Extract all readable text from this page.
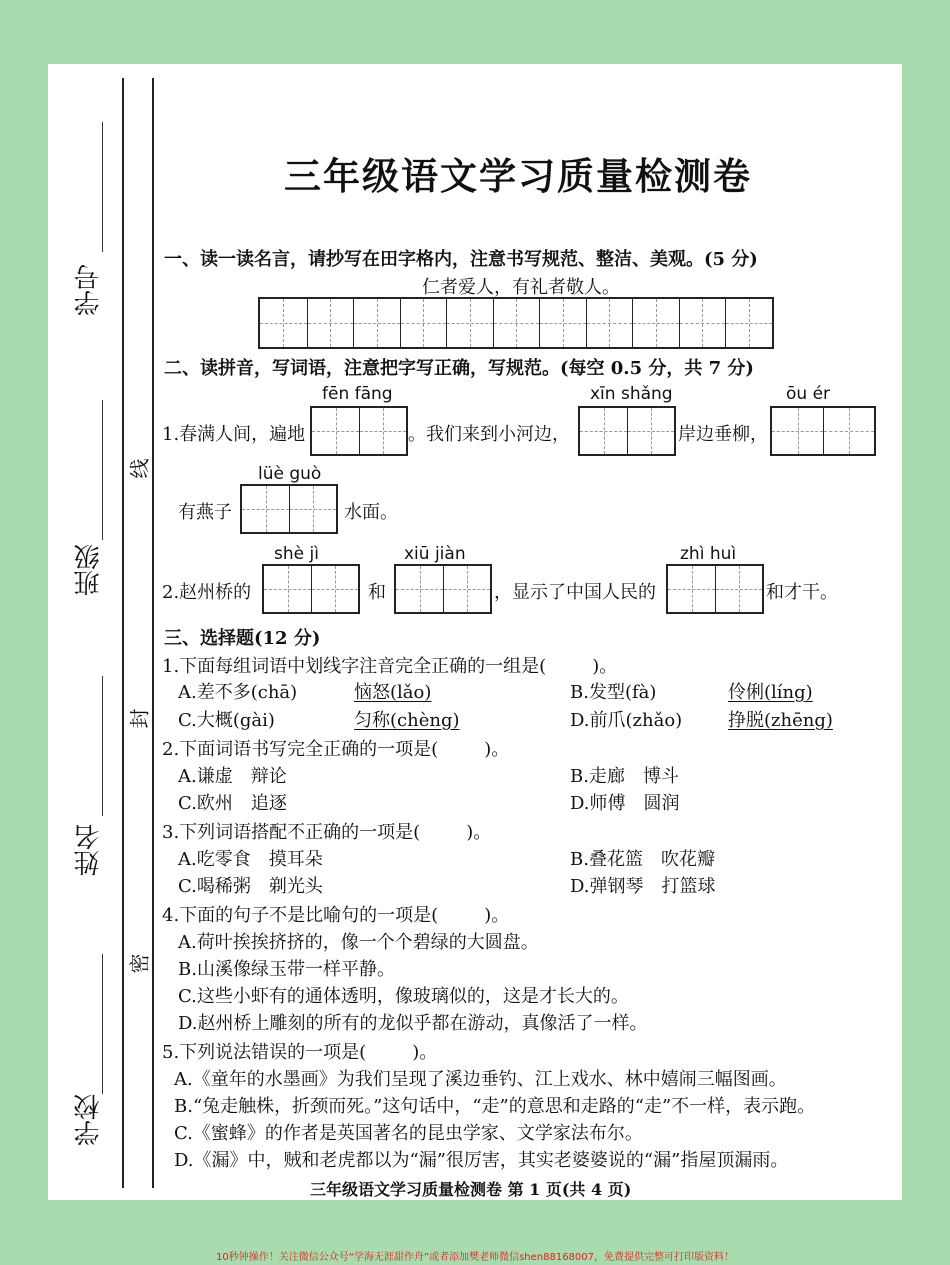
学号
班级
姓名
学校
线
封
密
三年级语文学习质量检测卷
一、读一读名言，请抄写在田字格内，注意书写规范、整洁、美观。(5 分)
仁者爱人，有礼者敬人。
二、读拼音，写词语，注意把字写正确，写规范。(每空 0.5 分，共 7 分)
fēn fāng	xīn shǎng	ōu ér
1.春满人间，遍地	。我们来到小河边，	岸边垂柳，
lüè guò
有燕子	水面。
shè jì	xiū jiàn	zhì huì
2.赵州桥的	和	，显示了中国人民的	和才干。
三、选择题(12 分)
1.下面每组词语中划线字注音完全正确的一组是(	)。
A.差不多(chā)	恼怒(lǎo)	B.发型(fà)	伶俐(líng)
C.大概(gài)	匀称(chèng)	D.前爪(zhǎo)	挣脱(zhēng)
2.下面词语书写完全正确的一项是(	)。
A.谦虚　辩论	B.走廊　博斗
C.欧州　追逐	D.师傅　圆润
3.下列词语搭配不正确的一项是(	)。
A.吃零食　摸耳朵	B.叠花篮　吹花瓣
C.喝稀粥　剃光头	D.弹钢琴　打篮球
4.下面的句子不是比喻句的一项是(	)。
A.荷叶挨挨挤挤的，像一个个碧绿的大圆盘。
B.山溪像绿玉带一样平静。
C.这些小虾有的通体透明，像玻璃似的，这是才长大的。
D.赵州桥上雕刻的所有的龙似乎都在游动，真像活了一样。
5.下列说法错误的一项是(	)。
A.《童年的水墨画》为我们呈现了溪边垂钓、江上戏水、林中嬉闹三幅图画。
B.“兔走触株，折颈而死。”这句话中，“走”的意思和走路的“走”不一样，表示跑。
C.《蜜蜂》的作者是英国著名的昆虫学家、文学家法布尔。
D.《漏》中，贼和老虎都以为“漏”很厉害，其实老婆婆说的“漏”指屋顶漏雨。
三年级语文学习质量检测卷 第 1 页(共 4 页)
10秒钟操作！关注微信公众号“学海无涯甜作舟”或者添加樊老师微信shen88168007，免费提供完整可打印版资料！
